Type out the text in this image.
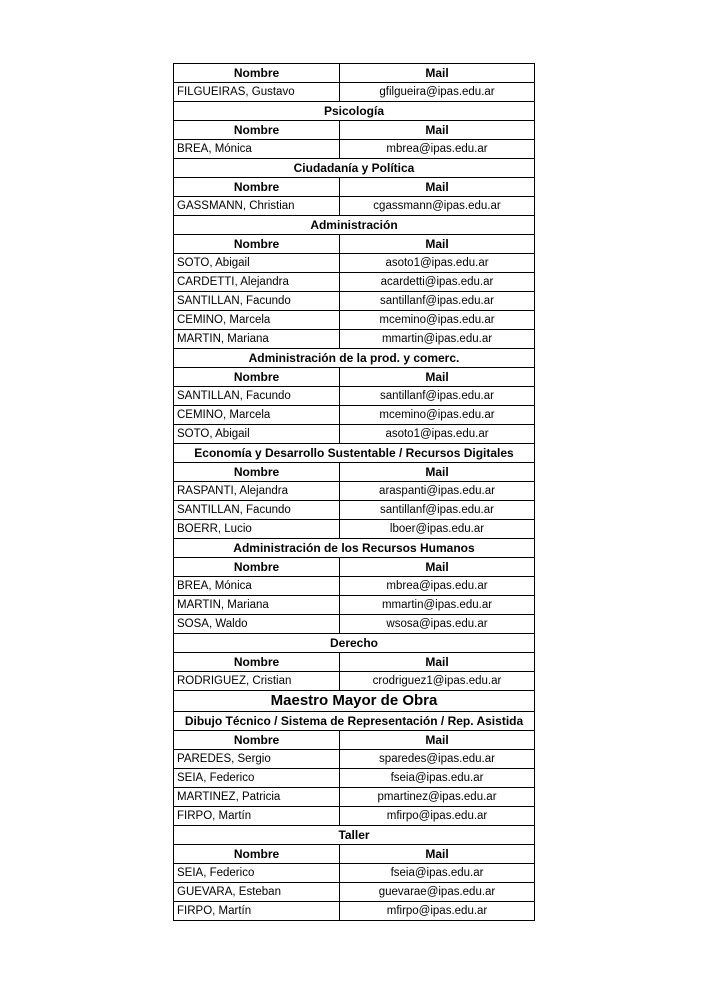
Nombre	Mail
FILGUEIRAS, Gustavo	gfilgueira@ipas.edu.ar
Psicología	
Nombre	Mail
BREA, Mónica	mbrea@ipas.edu.ar
Ciudadanía y Política	
Nombre	Mail
GASSMANN, Christian	cgassmann@ipas.edu.ar
Administración	
Nombre	Mail
SOTO, Abigail	asoto1@ipas.edu.ar
CARDETTI, Alejandra	acardetti@ipas.edu.ar
SANTILLAN, Facundo	santillanf@ipas.edu.ar
CEMINO, Marcela	mcemino@ipas.edu.ar
MARTIN, Mariana	mmartin@ipas.edu.ar
Administración de la prod. y comerc.	
Nombre	Mail
SANTILLAN, Facundo	santillanf@ipas.edu.ar
CEMINO, Marcela	mcemino@ipas.edu.ar
SOTO, Abigail	asoto1@ipas.edu.ar
Economía y Desarrollo Sustentable / Recursos Digitales	
Nombre	Mail
RASPANTI, Alejandra	araspanti@ipas.edu.ar
SANTILLAN, Facundo	santillanf@ipas.edu.ar
BOERR, Lucio	lboer@ipas.edu.ar
Administración de los Recursos Humanos	
Nombre	Mail
BREA, Mónica	mbrea@ipas.edu.ar
MARTIN, Mariana	mmartin@ipas.edu.ar
SOSA, Waldo	wsosa@ipas.edu.ar
Derecho	
Nombre	Mail
RODRIGUEZ, Cristian	crodriguez1@ipas.edu.ar
Maestro Mayor de Obra	
Dibujo Técnico / Sistema de Representación / Rep. Asistida	
Nombre	Mail
PAREDES, Sergio	sparedes@ipas.edu.ar
SEIA, Federico	fseia@ipas.edu.ar
MARTINEZ, Patricia	pmartinez@ipas.edu.ar
FIRPO, Martín	mfirpo@ipas.edu.ar
Taller	
Nombre	Mail
SEIA, Federico	fseia@ipas.edu.ar
GUEVARA, Esteban	guevarae@ipas.edu.ar
FIRPO, Martín	mfirpo@ipas.edu.ar
